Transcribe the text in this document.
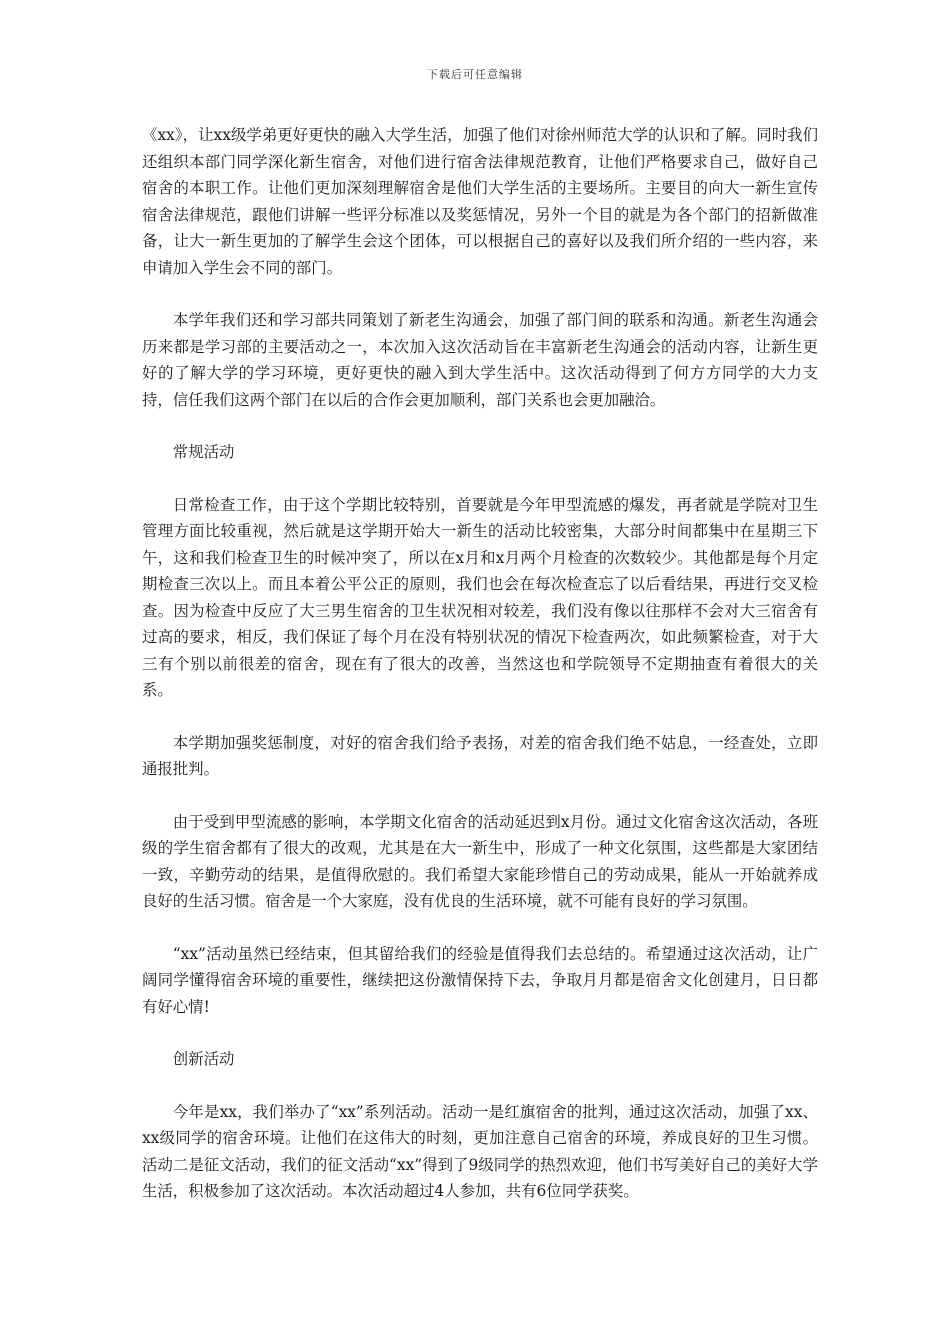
下载后可任意编辑

《xx》，让xx级学弟更好更快的融入大学生活，加强了他们对徐州师范大学的认识和了解。同时我们还组织本部门同学深化新生宿舍，对他们进行宿舍法律规范教育，让他们严格要求自己，做好自己宿舍的本职工作。让他们更加深刻理解宿舍是他们大学生活的主要场所。主要目的向大一新生宣传宿舍法律规范，跟他们讲解一些评分标准以及奖惩情况，另外一个目的就是为各个部门的招新做准备，让大一新生更加的了解学生会这个团体，可以根据自己的喜好以及我们所介绍的一些内容，来申请加入学生会不同的部门。

本学年我们还和学习部共同策划了新老生沟通会，加强了部门间的联系和沟通。新老生沟通会历来都是学习部的主要活动之一，本次加入这次活动旨在丰富新老生沟通会的活动内容，让新生更好的了解大学的学习环境，更好更快的融入到大学生活中。这次活动得到了何方方同学的大力支持，信任我们这两个部门在以后的合作会更加顺利，部门关系也会更加融洽。

常规活动

日常检查工作，由于这个学期比较特别，首要就是今年甲型流感的爆发，再者就是学院对卫生管理方面比较重视，然后就是这学期开始大一新生的活动比较密集，大部分时间都集中在星期三下午，这和我们检查卫生的时候冲突了，所以在x月和x月两个月检查的次数较少。其他都是每个月定期检查三次以上。而且本着公平公正的原则，我们也会在每次检查忘了以后看结果，再进行交叉检查。因为检查中反应了大三男生宿舍的卫生状况相对较差，我们没有像以往那样不会对大三宿舍有过高的要求，相反，我们保证了每个月在没有特别状况的情况下检查两次，如此频繁检查，对于大三有个别以前很差的宿舍，现在有了很大的改善，当然这也和学院领导不定期抽查有着很大的关系。

本学期加强奖惩制度，对好的宿舍我们给予表扬，对差的宿舍我们绝不姑息，一经查处，立即通报批判。

由于受到甲型流感的影响，本学期文化宿舍的活动延迟到x月份。通过文化宿舍这次活动，各班级的学生宿舍都有了很大的改观，尤其是在大一新生中，形成了一种文化氛围，这些都是大家团结一致，辛勤劳动的结果，是值得欣慰的。我们希望大家能珍惜自己的劳动成果，能从一开始就养成良好的生活习惯。宿舍是一个大家庭，没有优良的生活环境，就不可能有良好的学习氛围。

“xx”活动虽然已经结束，但其留给我们的经验是值得我们去总结的。希望通过这次活动，让广阔同学懂得宿舍环境的重要性，继续把这份激情保持下去，争取月月都是宿舍文化创建月，日日都有好心情!

创新活动

今年是xx，我们举办了“xx”系列活动。活动一是红旗宿舍的批判，通过这次活动，加强了xx、xx级同学的宿舍环境。让他们在这伟大的时刻，更加注意自己宿舍的环境，养成良好的卫生习惯。活动二是征文活动，我们的征文活动“xx”得到了9级同学的热烈欢迎，他们书写美好自己的美好大学生活，积极参加了这次活动。本次活动超过4人参加，共有6位同学获奖。
